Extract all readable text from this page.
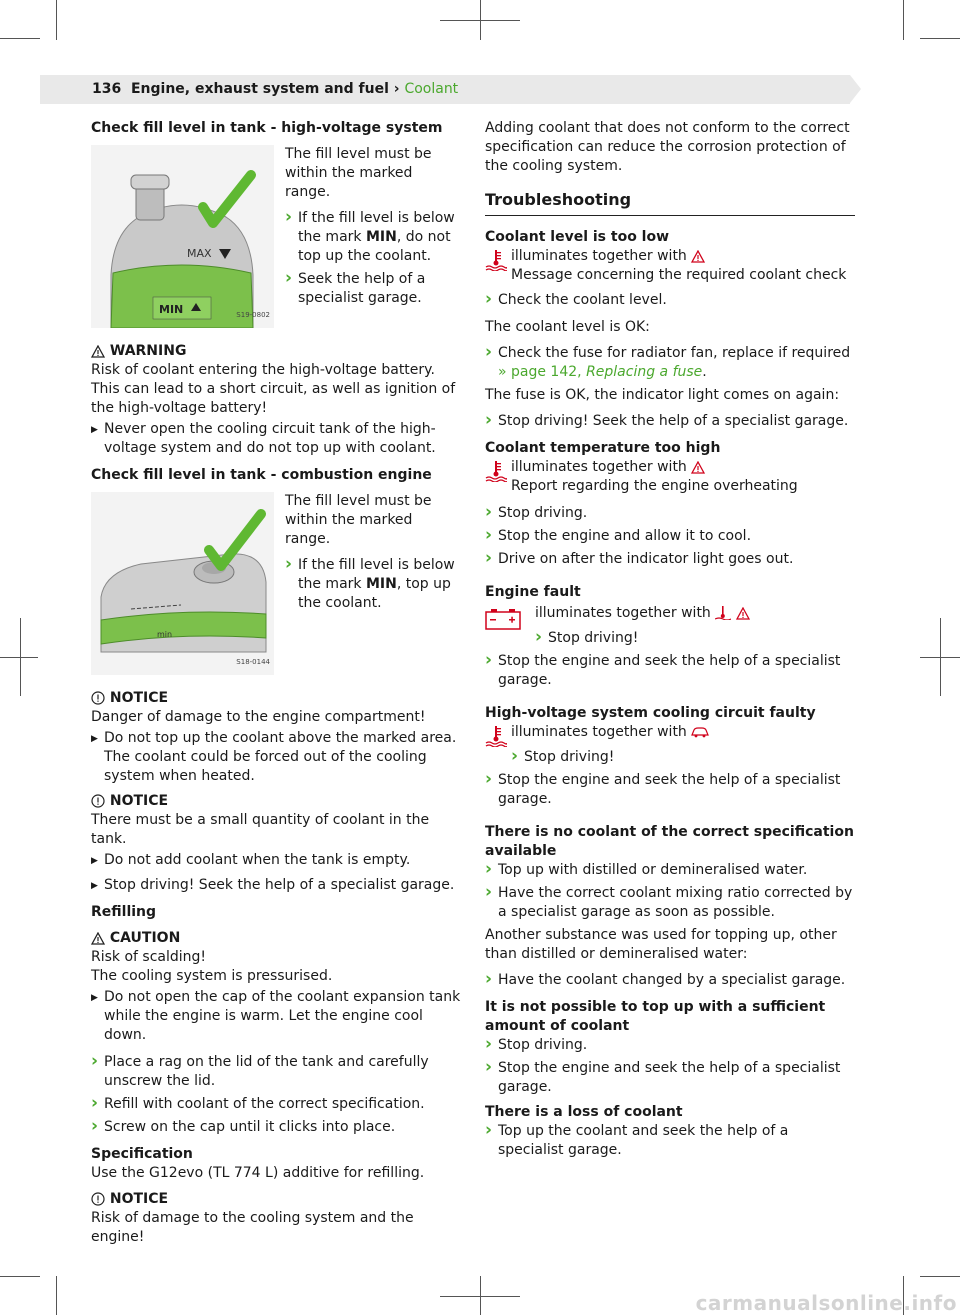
136 Engine, exhaust system and fuel › Coolant

Check fill level in tank - high-voltage system

MAX
MIN	S19-0802

The fill level must be within the marked range.

› If the fill level is below the mark MIN, do not top up the coolant.
› Seek the help of a specialist garage.
WARNING

Risk of coolant entering the high-voltage battery. This can lead to a short circuit, as well as ignition of the high-voltage battery!

▶ Never open the cooling circuit tank of the high-voltage system and do not top up with coolant.

Check fill level in tank - combustion engine

min
S18-0144

The fill level must be within the marked range.

› If the fill level is below the mark MIN, top up the coolant.
NOTICE

Danger of damage to the engine compartment!

▶ Do not top up the coolant above the marked area. The coolant could be forced out of the cooling system when heated.
NOTICE

There must be a small quantity of coolant in the tank.

▶ Do not add coolant when the tank is empty.
▶ Stop driving! Seek the help of a specialist garage.

Refilling

CAUTION

Risk of scalding!

The cooling system is pressurised.

▶ Do not open the cap of the coolant expansion tank while the engine is warm. Let the engine cool down.
› Place a rag on the lid of the tank and carefully unscrew the lid.
› Refill with coolant of the correct specification.
› Screw on the cap until it clicks into place.

Specification

Use the G12evo (TL 774 L) additive for refilling.

NOTICE

Risk of damage to the cooling system and the engine!

Adding coolant that does not conform to the correct specification can reduce the corrosion protection of the cooling system.

Troubleshooting

Coolant level is too low

illuminates together with

Message concerning the required coolant check

› Check the coolant level.

The coolant level is OK:

› Check the fuse for radiator fan, replace if required » page 142, Replacing a fuse.

The fuse is OK, the indicator light comes on again:

› Stop driving! Seek the help of a specialist garage.

Coolant temperature too high

illuminates together with
Report regarding the engine overheating
› Stop driving.
› Stop the engine and allow it to cool.
› Drive on after the indicator light goes out.

Engine fault

illuminates together with
› Stop driving!
› Stop the engine and seek the help of a specialist garage.

High-voltage system cooling circuit faulty

illuminates together with
› Stop driving!
› Stop the engine and seek the help of a specialist garage.

There is no coolant of the correct specification available

› Top up with distilled or demineralised water.
› Have the correct coolant mixing ratio corrected by a specialist garage as soon as possible.

Another substance was used for topping up, other than distilled or demineralised water:

› Have the coolant changed by a specialist garage.

It is not possible to top up with a sufficient amount of coolant

› Stop driving.
› Stop the engine and seek the help of a specialist garage.

There is a loss of coolant

› Top up the coolant and seek the help of a specialist garage.
carmanualsonline.info
